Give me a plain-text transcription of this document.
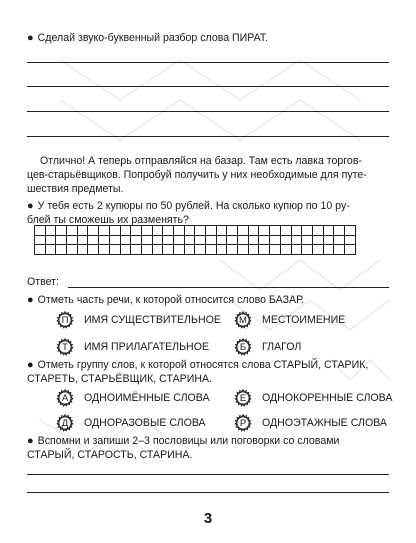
● Сделай звуко-буквенный разбор слова ПИРАТ.
Отлично! А теперь отправляйся на базар. Там есть лавка торгов-
цев-старьёвщиков. Попробуй получить у них необходимые для путе-
шествия предметы.
● У тебя есть 2 купюры по 50 рублей. На сколько купюр по 10 ру-
блей ты сможешь их разменять?

Ответ:
● Отметь часть речи, к которой относится слово БАЗАР.
П ИМЯ СУЩЕСТВИТЕЛЬНОЕ М МЕСТОИМЕНИЕ
Т ИМЯ ПРИЛАГАТЕЛЬНОЕ	Б ГЛАГОЛ
● Отметь группу слов, к которой относятся слова СТАРЫЙ, СТАРИК,
СТАРЕТЬ, СТАРЬЁВЩИК, СТАРИНА.
А ОДНОИМЁННЫЕ СЛОВА	Е ОДНОКОРЕННЫЕ СЛОВА
Д ОДНОРАЗОВЫЕ СЛОВА	Р ОДНОЭТАЖНЫЕ СЛОВА
● Вспомни и запиши 2–3 пословицы или поговорки со словами
СТАРЫЙ, СТАРОСТЬ, СТАРИНА.
3
